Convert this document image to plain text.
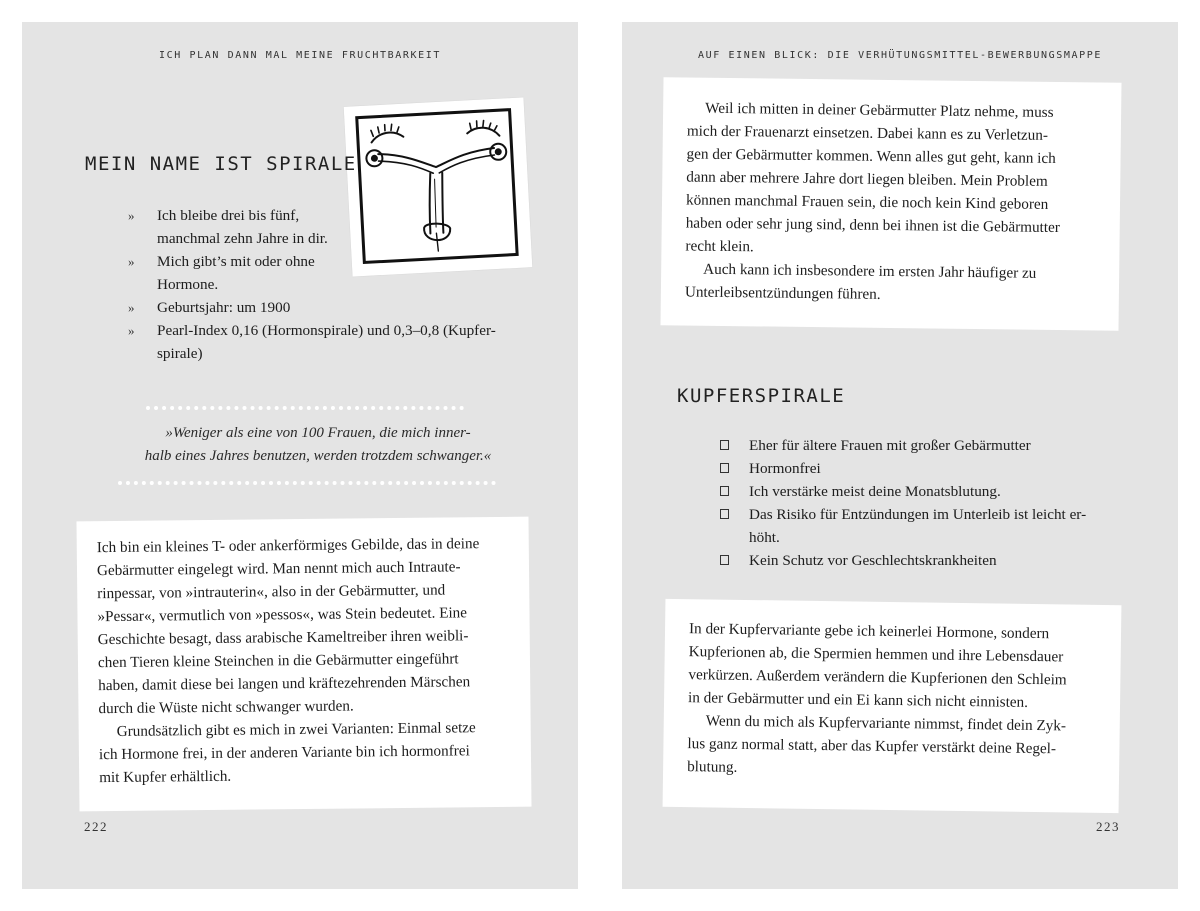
ICH PLAN DANN MAL MEINE FRUCHTBARKEIT
MEIN NAME IST SPIRALE
» Ich bleibe drei bis fünf,
manchmal zehn Jahre in dir.
» Mich gibt’s mit oder ohne
Hormone.
» Geburtsjahr: um 1900
» Pearl-Index 0,16 (Hormonspirale) und 0,3–0,8 (Kupfer-
spirale)
»Weniger als eine von 100 Frauen, die mich inner-
halb eines Jahres benutzen, werden trotzdem schwanger.«

Ich bin ein kleines T- oder ankerförmiges Gebilde, das in deine

Gebärmutter eingelegt wird. Man nennt mich auch Intraute-

rinpessar, von »intrauterin«, also in der Gebärmutter, und

»Pessar«, vermutlich von »pessos«, was Stein bedeutet. Eine

Geschichte besagt, dass arabische Kameltreiber ihren weibli-

chen Tieren kleine Steinchen in die Gebärmutter eingeführt

haben, damit diese bei langen und kräftezehrenden Märschen

durch die Wüste nicht schwanger wurden.

Grundsätzlich gibt es mich in zwei Varianten: Einmal setze

ich Hormone frei, in der anderen Variante bin ich hormonfrei

mit Kupfer erhältlich.

222
AUF EINEN BLICK: DIE VERHÜTUNGSMITTEL-BEWERBUNGSMAPPE

Weil ich mitten in deiner Gebärmutter Platz nehme, muss

mich der Frauenarzt einsetzen. Dabei kann es zu Verletzun-

gen der Gebärmutter kommen. Wenn alles gut geht, kann ich

dann aber mehrere Jahre dort liegen bleiben. Mein Problem

können manchmal Frauen sein, die noch kein Kind geboren

haben oder sehr jung sind, denn bei ihnen ist die Gebärmutter

recht klein.

Auch kann ich insbesondere im ersten Jahr häufiger zu

Unterleibsentzündungen führen.

KUPFERSPIRALE
Eher für ältere Frauen mit großer Gebärmutter
Hormonfrei
Ich verstärke meist deine Monatsblutung.
Das Risiko für Entzündungen im Unterleib ist leicht er-
höht.
Kein Schutz vor Geschlechtskrankheiten

In der Kupfervariante gebe ich keinerlei Hormone, sondern

Kupferionen ab, die Spermien hemmen und ihre Lebensdauer

verkürzen. Außerdem verändern die Kupferionen den Schleim

in der Gebärmutter und ein Ei kann sich nicht einnisten.

Wenn du mich als Kupfervariante nimmst, findet dein Zyk-

lus ganz normal statt, aber das Kupfer verstärkt deine Regel-

blutung.

223
